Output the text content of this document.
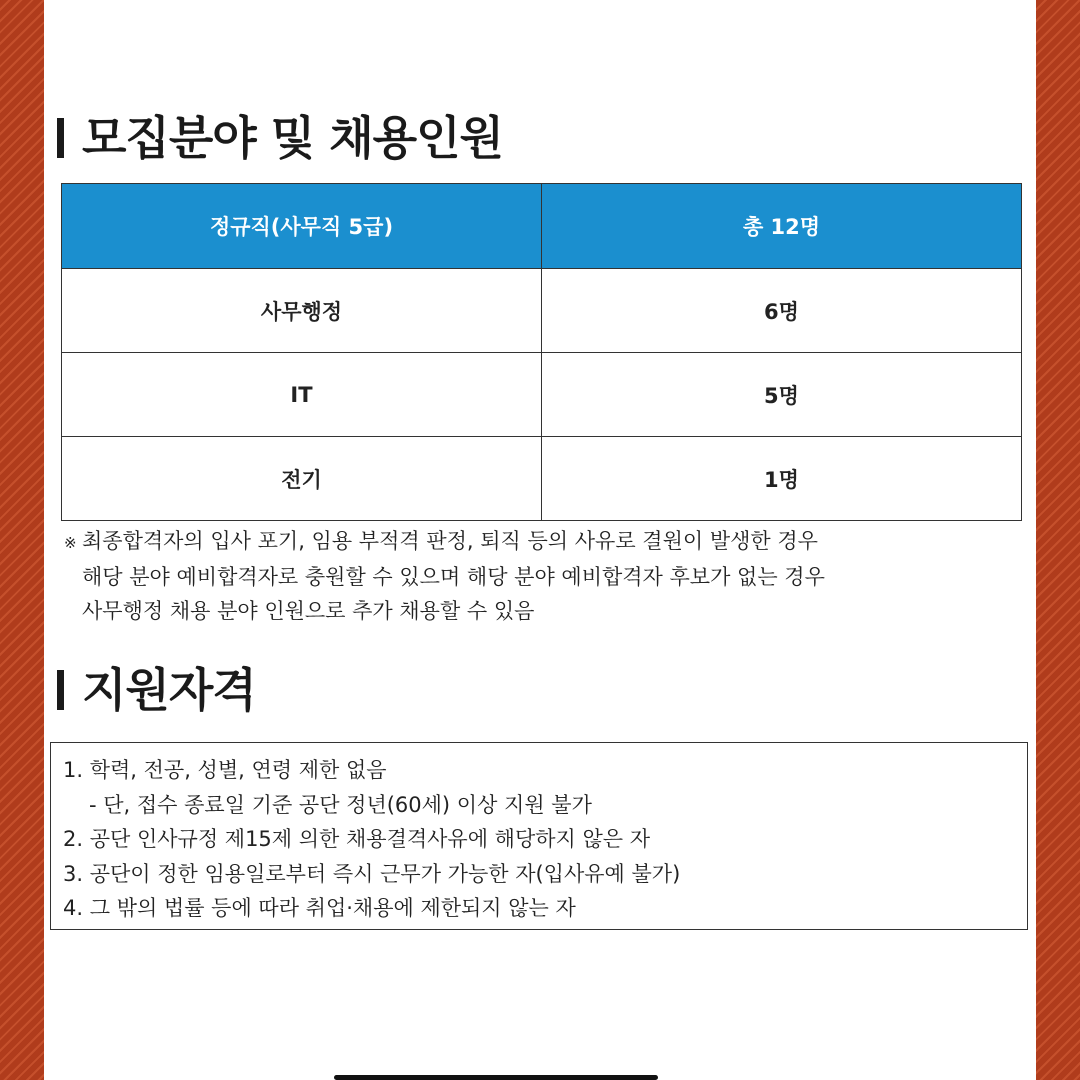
모집분야 및 채용인원
정규직(사무직 5급)	총 12명
사무행정	6명
IT	5명
전기	1명
※ 최종합격자의 입사 포기, 임용 부적격 판정, 퇴직 등의 사유로 결원이 발생한 경우
해당 분야 예비합격자로 충원할 수 있으며 해당 분야 예비합격자 후보가 없는 경우
사무행정 채용 분야 인원으로 추가 채용할 수 있음
지원자격
1. 학력, 전공, 성별, 연령 제한 없음
- 단, 접수 종료일 기준 공단 정년(60세) 이상 지원 불가
2. 공단 인사규정 제15제 의한 채용결격사유에 해당하지 않은 자
3. 공단이 정한 임용일로부터 즉시 근무가 가능한 자(입사유예 불가)
4. 그 밖의 법률 등에 따라 취업·채용에 제한되지 않는 자
